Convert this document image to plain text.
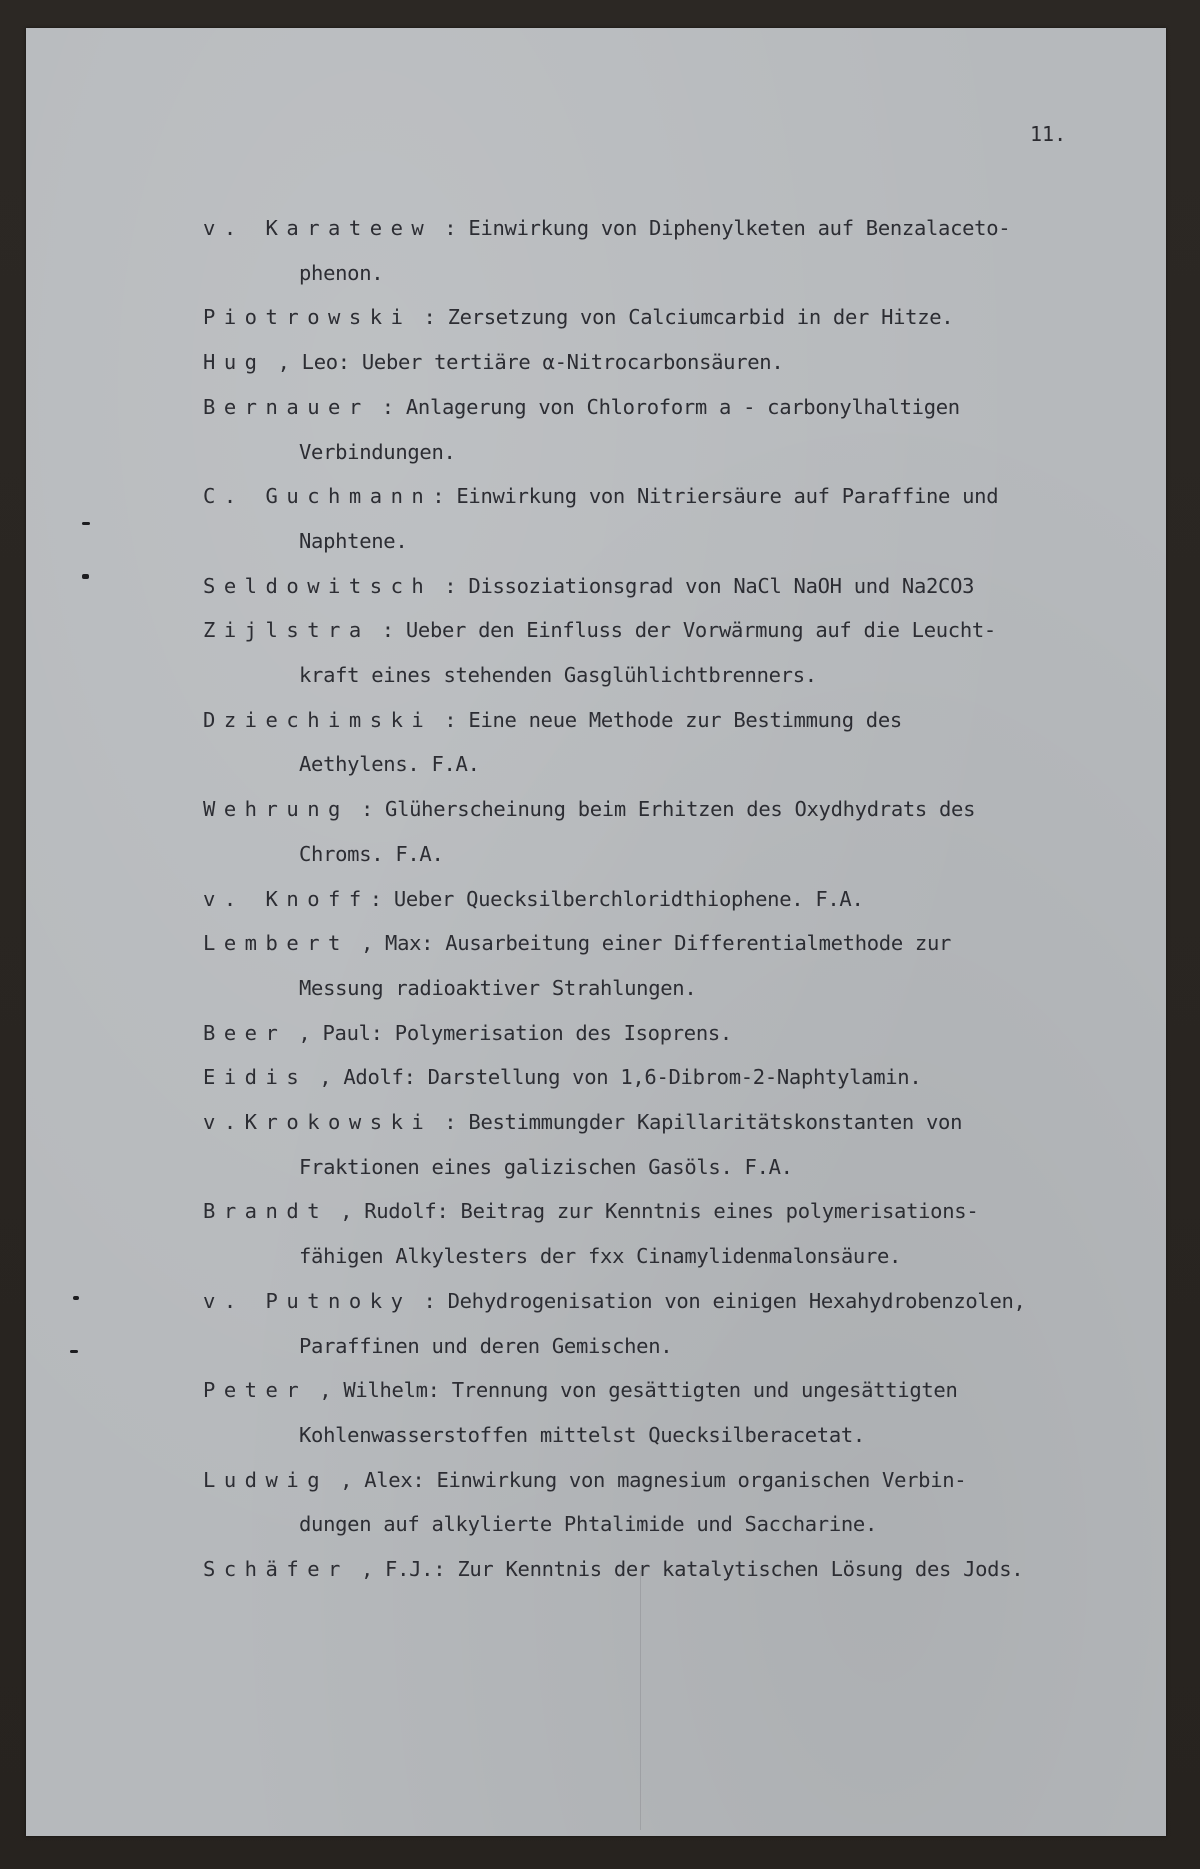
11.
v. Karateew : Einwirkung von Diphenylketen auf Benzalaceto-
phenon.
Piotrowski : Zersetzung von Calciumcarbid in der Hitze.
Hug , Leo: Ueber tertiäre α-Nitrocarbonsäuren.
Bernauer : Anlagerung von Chloroform a - carbonylhaltigen
Verbindungen.
C. Guchmann: Einwirkung von Nitriersäure auf Paraffine und
Naphtene.
Seldowitsch : Dissoziationsgrad von NaCl NaOH und Na2CO3
Zijlstra : Ueber den Einfluss der Vorwärmung auf die Leucht-
kraft eines stehenden Gasglühlichtbrenners.
Dziechimski : Eine neue Methode zur Bestimmung des
Aethylens. F.A.
Wehrung : Glüherscheinung beim Erhitzen des Oxydhydrats des
Chroms. F.A.
v. Knoff: Ueber Quecksilberchloridthiophene. F.A.
Lembert , Max: Ausarbeitung einer Differentialmethode zur
Messung radioaktiver Strahlungen.
Beer , Paul: Polymerisation des Isoprens.
Eidis , Adolf: Darstellung von 1,6-Dibrom-2-Naphtylamin.
v.Krokowski : Bestimmungder Kapillaritätskonstanten von
Fraktionen eines galizischen Gasöls. F.A.
Brandt , Rudolf: Beitrag zur Kenntnis eines polymerisations-
fähigen Alkylesters der fxx Cinamylidenmalonsäure.
v. Putnoky : Dehydrogenisation von einigen Hexahydrobenzolen,
Paraffinen und deren Gemischen.
Peter , Wilhelm: Trennung von gesättigten und ungesättigten
Kohlenwasserstoffen mittelst Quecksilberacetat.
Ludwig , Alex: Einwirkung von magnesium organischen Verbin-
dungen auf alkylierte Phtalimide und Saccharine.
Schäfer , F.J.: Zur Kenntnis der katalytischen Lösung des Jods.
